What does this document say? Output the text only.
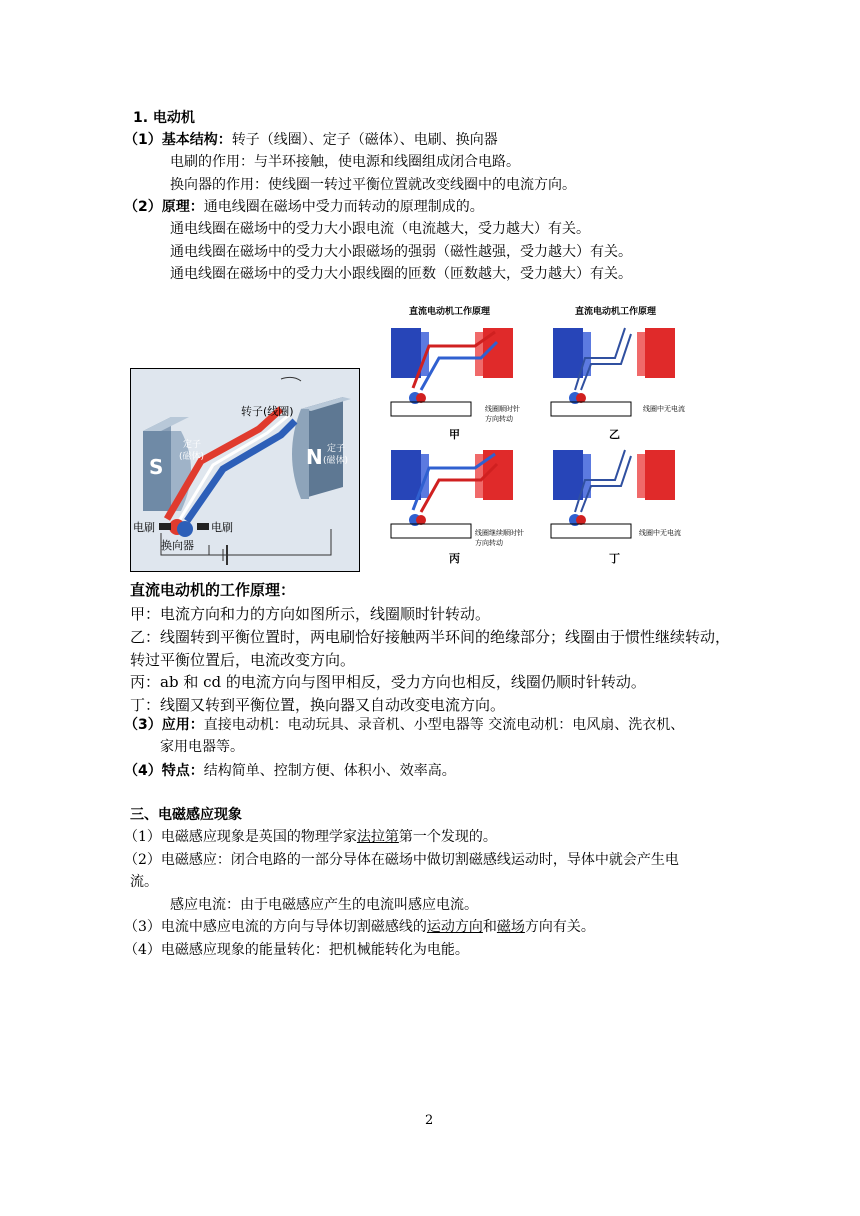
1. 电动机
（1）基本结构：转子（线圈）、定子（磁体）、电刷、换向器
电刷的作用：与半环接触，使电源和线圈组成闭合电路。
换向器的作用：使线圈一转过平衡位置就改变线圈中的电流方向。
（2）原理：通电线圈在磁场中受力而转动的原理制成的。
通电线圈在磁场中的受力大小跟电流（电流越大，受力越大）有关。
通电线圈在磁场中的受力大小跟磁场的强弱（磁性越强，受力越大）有关。
通电线圈在磁场中的受力大小跟线圈的匝数（匝数越大，受力越大）有关。
S	N
转子(线圈)
定子
(磁体)
定子
(磁体)
电刷	电刷
换向器
直流电动机工作原理
线圈顺时针方向转动
甲
直流电动机工作原理
线圈中无电流
乙
线圈继续顺时针方向转动
丙
线圈中无电流
丁
直流电动机的工作原理：
甲：电流方向和力的方向如图所示，线圈顺时针转动。
乙：线圈转到平衡位置时，两电刷恰好接触两半环间的绝缘部分；线圈由于惯性继续转动，
转过平衡位置后，电流改变方向。
丙：ab 和 cd 的电流方向与图甲相反，受力方向也相反，线圈仍顺时针转动。
丁：线圈又转到平衡位置，换向器又自动改变电流方向。
（3）应用：直接电动机：电动玩具、录音机、小型电器等 交流电动机：电风扇、洗衣机、
家用电器等。
（4）特点：结构简单、控制方便、体积小、效率高。
三、电磁感应现象
（1）电磁感应现象是英国的物理学家法拉第第一个发现的。
（2）电磁感应：闭合电路的一部分导体在磁场中做切割磁感线运动时，导体中就会产生电
流。
感应电流：由于电磁感应产生的电流叫感应电流。
（3）电流中感应电流的方向与导体切割磁感线的运动方向和磁场方向有关。
（4）电磁感应现象的能量转化：把机械能转化为电能。
2
